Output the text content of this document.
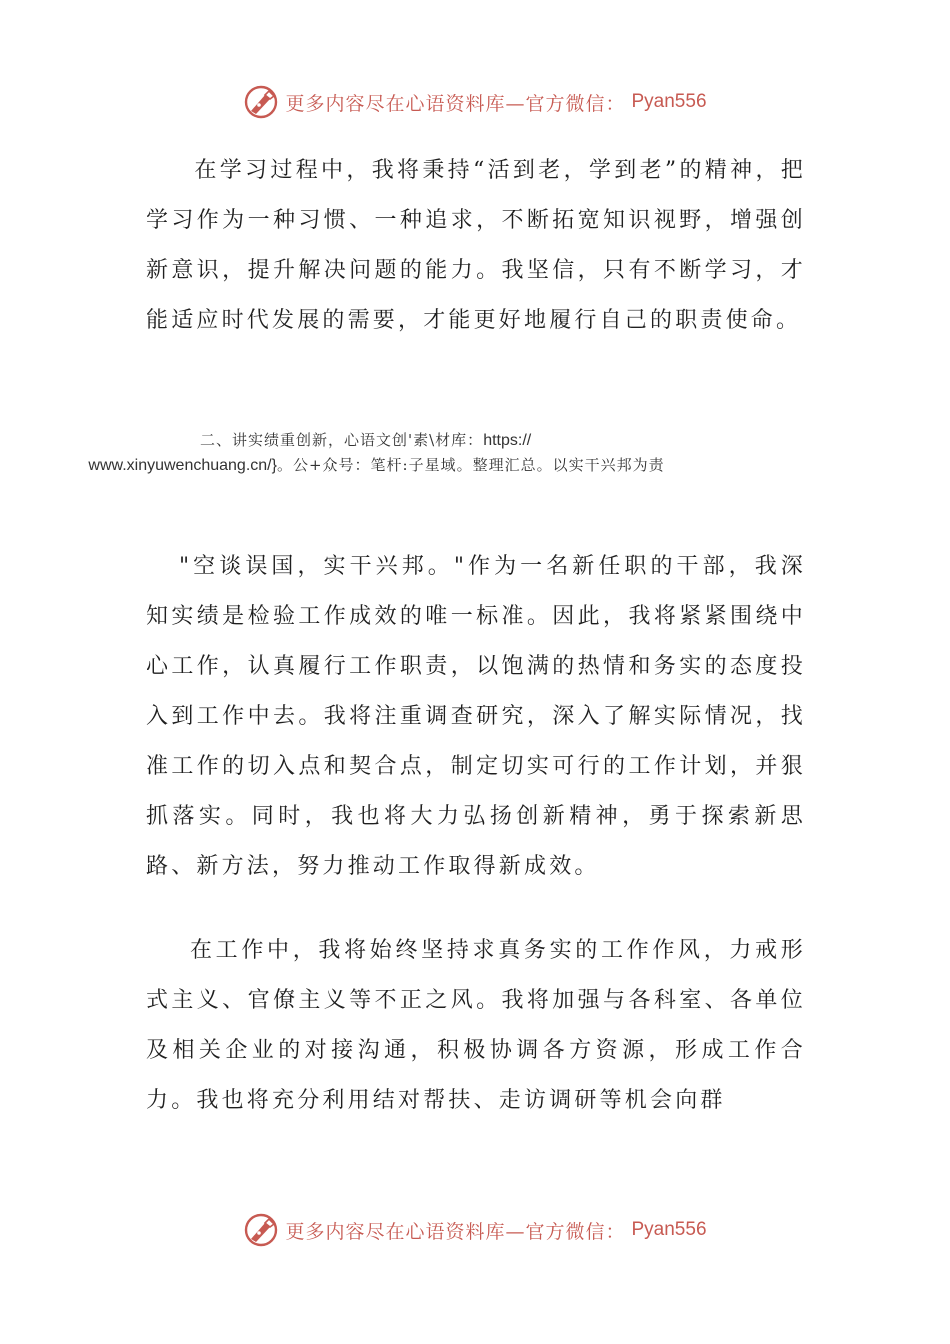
更多内容尽在心语资料库—官方微信： Pyan556

在学习过程中，我将秉持“活到老，学到老”的精神，把学习作为一种习惯、一种追求，不断拓宽知识视野，增强创新意识，提升解决问题的能力。我坚信，只有不断学习，才能适应时代发展的需要，才能更好地履行自己的职责使命。

二、讲实绩重创新，心语文创'素\材库：https://
www.xinyuwenchuang.cn/}。公+众号：笔杆:子星域。整理汇总。以实干兴邦为责

"空谈误国，实干兴邦。"作为一名新任职的干部，我深知实绩是检验工作成效的唯一标准。因此，我将紧紧围绕中心工作，认真履行工作职责，以饱满的热情和务实的态度投入到工作中去。我将注重调查研究，深入了解实际情况，找准工作的切入点和契合点，制定切实可行的工作计划，并狠抓落实。同时，我也将大力弘扬创新精神，勇于探索新思路、新方法，努力推动工作取得新成效。

在工作中，我将始终坚持求真务实的工作作风，力戒形式主义、官僚主义等不正之风。我将加强与各科室、各单位及相关企业的对接沟通，积极协调各方资源，形成工作合力。我也将充分利用结对帮扶、走访调研等机会向群

更多内容尽在心语资料库—官方微信： Pyan556
